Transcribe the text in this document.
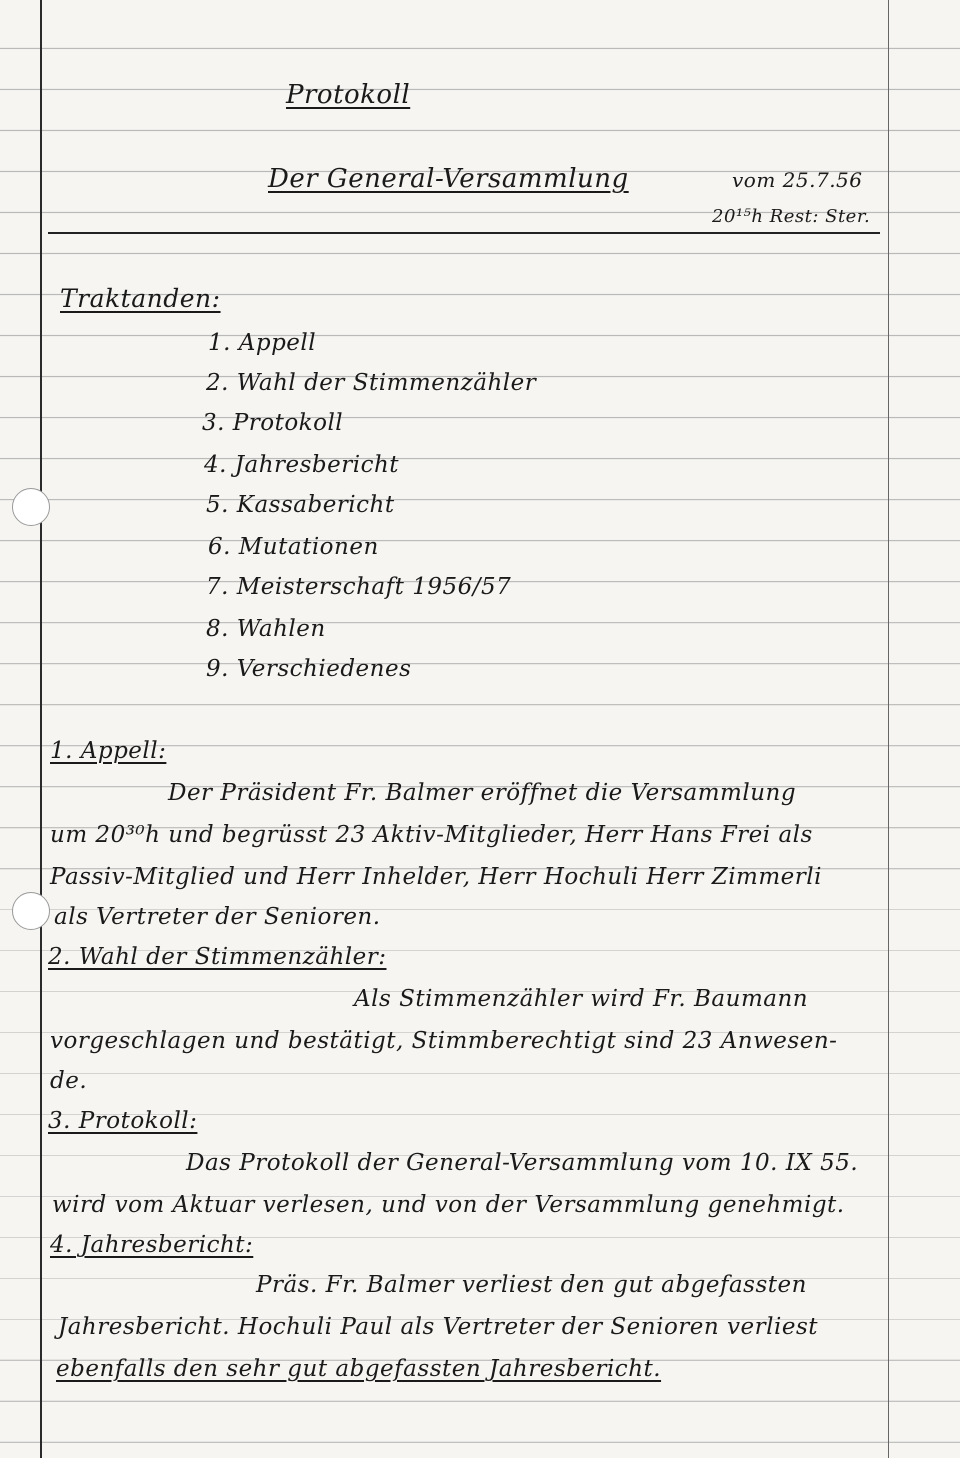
Protokoll
Der General-Versammlung	vom 25.7.56
20¹⁵h Rest: Ster.
Traktanden:
1. Appell
2. Wahl der Stimmenzähler
3. Protokoll
4. Jahresbericht
5. Kassabericht
6. Mutationen
7. Meisterschaft 1956/57
8. Wahlen
9. Verschiedenes
1. Appell:
Der Präsident Fr. Balmer eröffnet die Versammlung
um 20³⁰h und begrüsst 23 Aktiv-Mitglieder, Herr Hans Frei als
Passiv-Mitglied und Herr Inhelder, Herr Hochuli Herr Zimmerli
als Vertreter der Senioren.
2. Wahl der Stimmenzähler:
Als Stimmenzähler wird Fr. Baumann
vorgeschlagen und bestätigt, Stimmberechtigt sind 23 Anwesen-
de.
3. Protokoll:
Das Protokoll der General-Versammlung vom 10. IX 55.
wird vom Aktuar verlesen, und von der Versammlung genehmigt.
4. Jahresbericht:
Präs. Fr. Balmer verliest den gut abgefassten
Jahresbericht. Hochuli Paul als Vertreter der Senioren verliest
ebenfalls den sehr gut abgefassten Jahresbericht.
